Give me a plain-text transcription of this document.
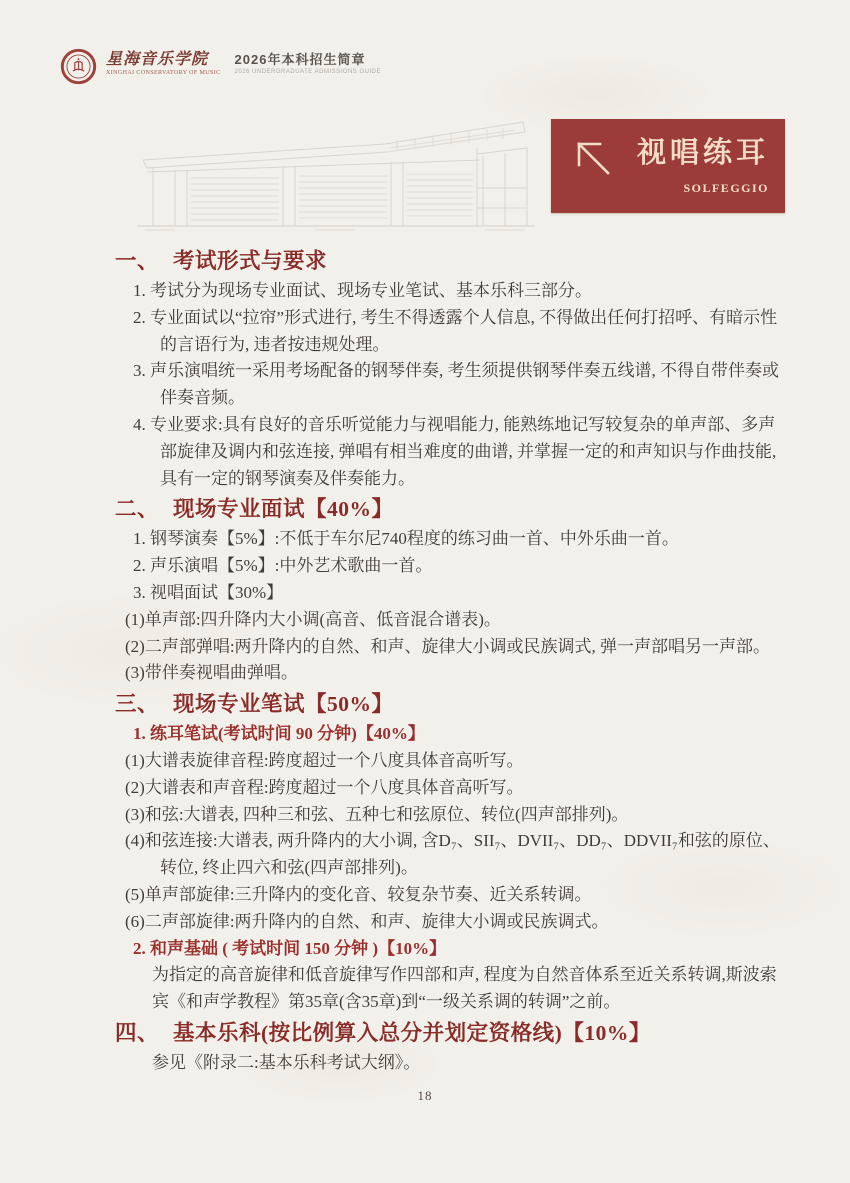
星海音乐学院
XINGHAI CONSERVATORY OF MUSIC
2026年本科招生简章
2026 UNDERGRADUATE ADMISSIONS GUIDE
视唱练耳
SOLFEGGIO
一、 考试形式与要求

1. 考试分为现场专业面试、现场专业笔试、基本乐科三部分。

2. 专业面试以“拉帘”形式进行, 考生不得透露个人信息, 不得做出任何打招呼、有暗示性的言语行为, 违者按违规处理。

3. 声乐演唱统一采用考场配备的钢琴伴奏, 考生须提供钢琴伴奏五线谱, 不得自带伴奏或伴奏音频。

4. 专业要求:具有良好的音乐听觉能力与视唱能力, 能熟练地记写较复杂的单声部、多声部旋律及调内和弦连接, 弹唱有相当难度的曲谱, 并掌握一定的和声知识与作曲技能, 具有一定的钢琴演奏及伴奏能力。

二、 现场专业面试【40%】

1. 钢琴演奏【5%】:不低于车尔尼740程度的练习曲一首、中外乐曲一首。

2. 声乐演唱【5%】:中外艺术歌曲一首。

3. 视唱面试【30%】

(1)单声部:四升降内大小调(高音、低音混合谱表)。

(2)二声部弹唱:两升降内的自然、和声、旋律大小调或民族调式, 弹一声部唱另一声部。

(3)带伴奏视唱曲弹唱。

三、 现场专业笔试【50%】

1. 练耳笔试(考试时间 90 分钟)【40%】

(1)大谱表旋律音程:跨度超过一个八度具体音高听写。

(2)大谱表和声音程:跨度超过一个八度具体音高听写。

(3)和弦:大谱表, 四种三和弦、五种七和弦原位、转位(四声部排列)。

(4)和弦连接:大谱表, 两升降内的大小调, 含D₇、SII₇、DVII₇、DD₇、DDVII₇和弦的原位、转位, 终止四六和弦(四声部排列)。

(5)单声部旋律:三升降内的变化音、较复杂节奏、近关系转调。

(6)二声部旋律:两升降内的自然、和声、旋律大小调或民族调式。

2. 和声基础 ( 考试时间 150 分钟 )【10%】

为指定的高音旋律和低音旋律写作四部和声, 程度为自然音体系至近关系转调,斯波索宾《和声学教程》第35章(含35章)到“一级关系调的转调”之前。

四、 基本乐科(按比例算入总分并划定资格线)【10%】

参见《附录二:基本乐科考试大纲》。

18
